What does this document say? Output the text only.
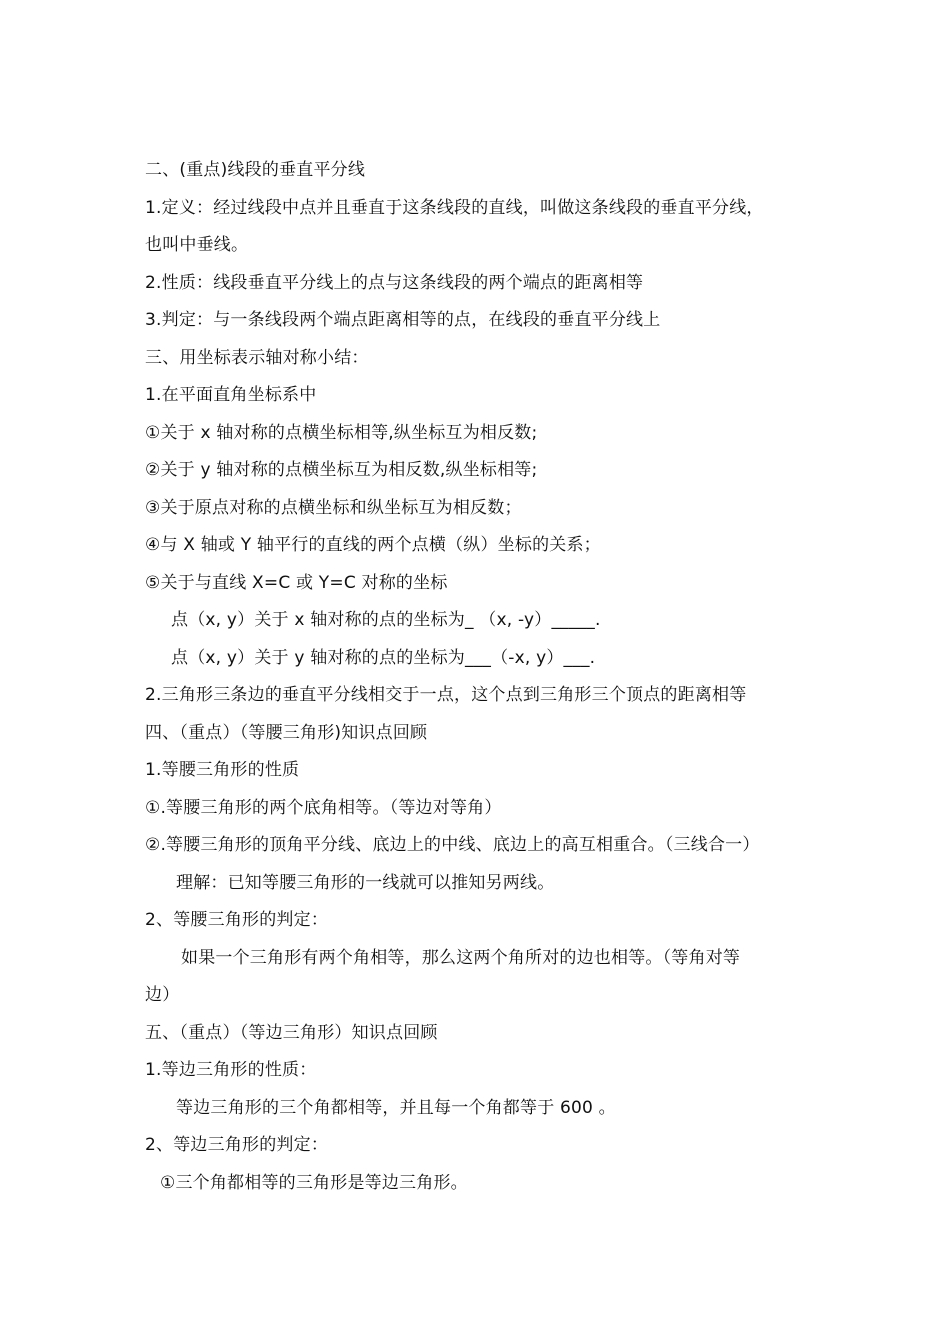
二、(重点)线段的垂直平分线
1.定义：经过线段中点并且垂直于这条线段的直线，叫做这条线段的垂直平分线，
也叫中垂线。
2.性质：线段垂直平分线上的点与这条线段的两个端点的距离相等
3.判定：与一条线段两个端点距离相等的点，在线段的垂直平分线上
三、用坐标表示轴对称小结：
1.在平面直角坐标系中
①关于 x 轴对称的点横坐标相等,纵坐标互为相反数;
②关于 y 轴对称的点横坐标互为相反数,纵坐标相等;
③关于原点对称的点横坐标和纵坐标互为相反数；
④与 X 轴或 Y 轴平行的直线的两个点横（纵）坐标的关系；
⑤关于与直线 X=C 或 Y=C 对称的坐标
点（x, y）关于 x 轴对称的点的坐标为_ （x, -y）_____.
点（x, y）关于 y 轴对称的点的坐标为___（-x, y）___.
2.三角形三条边的垂直平分线相交于一点，这个点到三角形三个顶点的距离相等
四、（重点）（等腰三角形)知识点回顾
1.等腰三角形的性质
①.等腰三角形的两个底角相等。（等边对等角）
②.等腰三角形的顶角平分线、底边上的中线、底边上的高互相重合。（三线合一）
理解：已知等腰三角形的一线就可以推知另两线。
2、等腰三角形的判定：
如果一个三角形有两个角相等，那么这两个角所对的边也相等。（等角对等
边）
五、（重点）（等边三角形）知识点回顾
1.等边三角形的性质：
等边三角形的三个角都相等，并且每一个角都等于 600 。
2、等边三角形的判定：
①三个角都相等的三角形是等边三角形。
